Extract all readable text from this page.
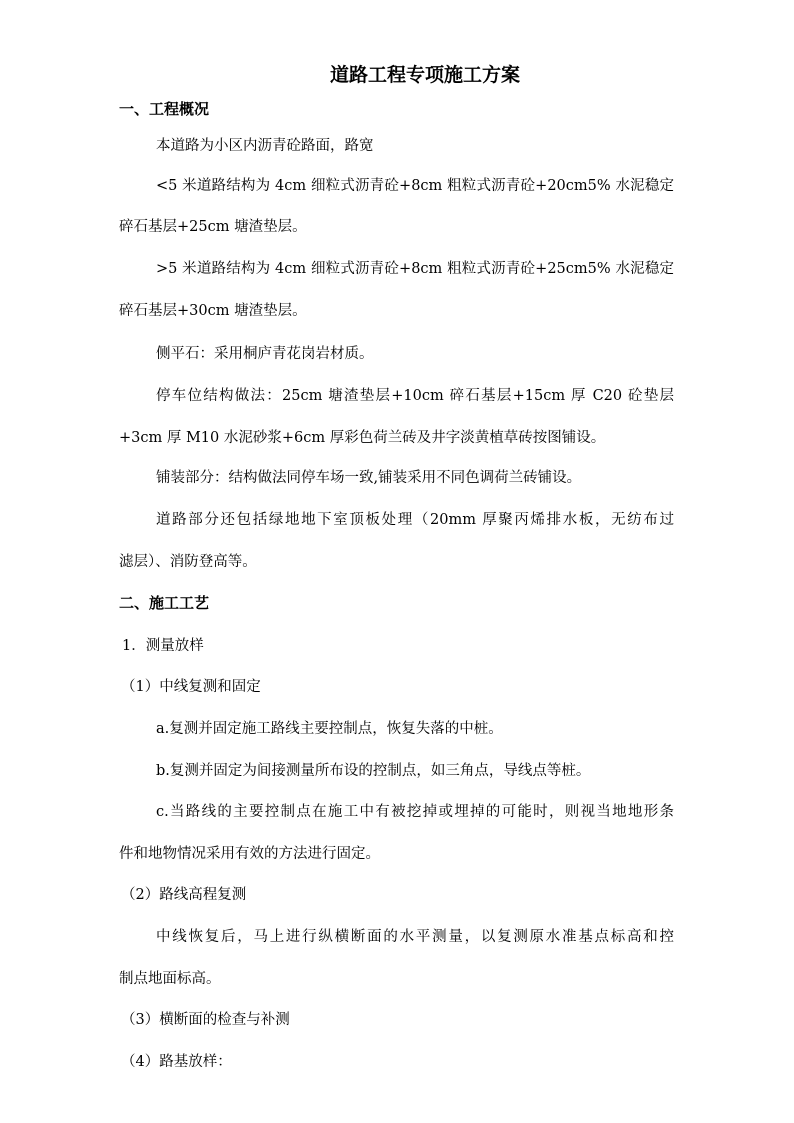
道路工程专项施工方案
一、工程概况
本道路为小区内沥青砼路面，路宽
<5 米道路结构为 4cm 细粒式沥青砼+8cm 粗粒式沥青砼+20cm5% 水泥稳定
碎石基层+25cm 塘渣垫层。
>5 米道路结构为 4cm 细粒式沥青砼+8cm 粗粒式沥青砼+25cm5% 水泥稳定
碎石基层+30cm 塘渣垫层。
侧平石：采用桐庐青花岗岩材质。
停车位结构做法：25cm 塘渣垫层+10cm 碎石基层+15cm 厚 C20 砼垫层
+3cm 厚 M10 水泥砂浆+6cm 厚彩色荷兰砖及井字淡黄植草砖按图铺设。
铺装部分：结构做法同停车场一致,铺装采用不同色调荷兰砖铺设。
道路部分还包括绿地地下室顶板处理（20mm 厚聚丙烯排水板，无纺布过
滤层）、消防登高等。
二、施工工艺
1．测量放样
（1）中线复测和固定
a.复测并固定施工路线主要控制点，恢复失落的中桩。
b.复测并固定为间接测量所布设的控制点，如三角点，导线点等桩。
c.当路线的主要控制点在施工中有被挖掉或埋掉的可能时，则视当地地形条
件和地物情况采用有效的方法进行固定。
（2）路线高程复测
中线恢复后，马上进行纵横断面的水平测量，以复测原水准基点标高和控
制点地面标高。
（3）横断面的检查与补测
（4）路基放样：
